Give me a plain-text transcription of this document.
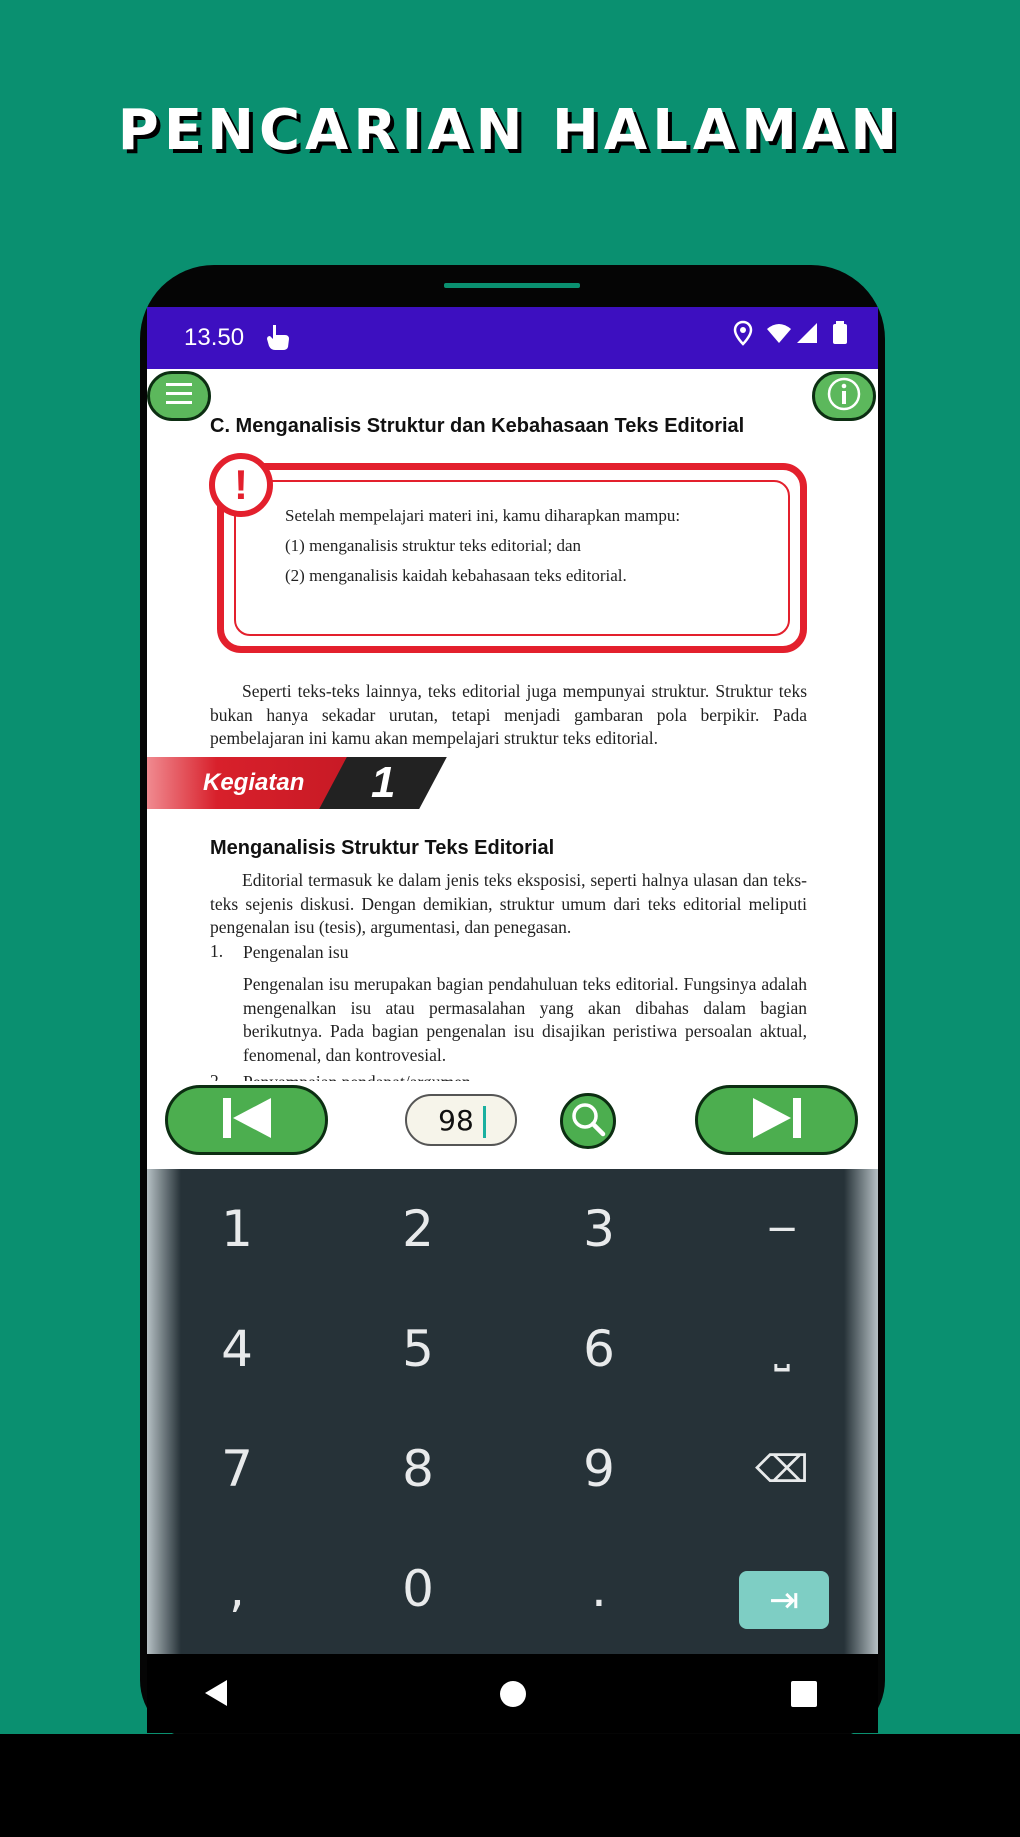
PENCARIAN HALAMAN
13.50
C. Menganalisis Struktur dan Kebahasaan Teks Editorial
!
Setelah mempelajari materi ini, kamu diharapkan mampu:
(1) menganalisis struktur teks editorial; dan
(2) menganalisis kaidah kebahasaan teks editorial.
Seperti teks-teks lainnya, teks editorial juga mempunyai struktur. Struktur teks bukan hanya sekadar urutan, tetapi menjadi gambaran pola berpikir. Pada pembelajaran ini kamu akan mempelajari struktur teks editorial.
Kegiatan 1
Menganalisis Struktur Teks Editorial
Editorial termasuk ke dalam jenis teks eksposisi, seperti halnya ulasan dan teks-teks sejenis diskusi. Dengan demikian, struktur umum dari teks editorial meliputi pengenalan isu (tesis), argumentasi, dan penegasan.
1. Pengenalan isu
Pengenalan isu merupakan bagian pendahuluan teks editorial. Fungsinya adalah mengenalkan isu atau permasalahan yang akan dibahas dalam bagian berikutnya. Pada bagian pengenalan isu disajikan peristiwa persoalan aktual, fenomenal, dan kontrovesial.
98
1	2	3	−
4	5	6	⎵
7	8	9	⌫
,	0	.	⇥
